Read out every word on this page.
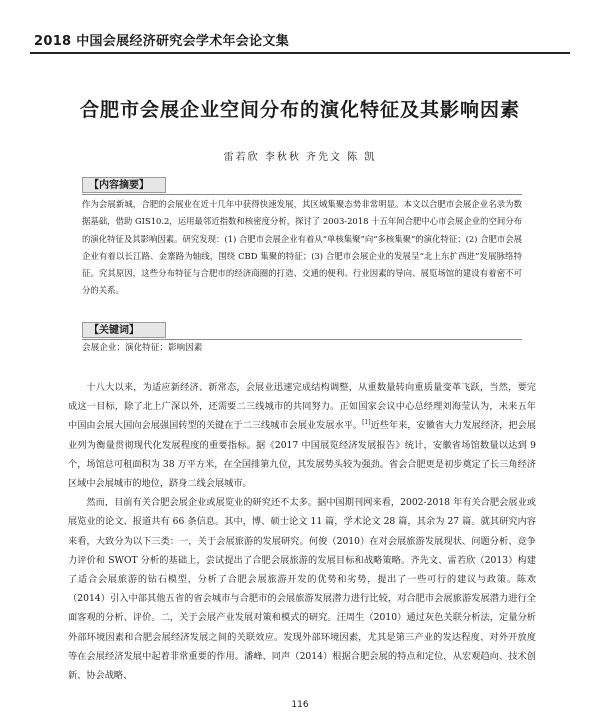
2018 中国会展经济研究会学术年会论文集
合肥市会展企业空间分布的演化特征及其影响因素
雷若欣 李秋秋 齐先文 陈 凯
【内容摘要】
作为会展新城，合肥的会展业在近十几年中获得快速发展，其区域集聚态势非常明显。本文以合肥市会展企业名录为数据基础，借助 GIS10.2，运用最邻近指数和核密度分析，探讨了 2003-2018 十五年间合肥中心市会展企业的空间分布的演化特征及其影响因素。研究发现：(1) 合肥市会展企业有着从“单核集聚”向“多核集聚”的演化特征；(2) 合肥市会展企业有着以长江路、金寨路为轴线，围绕 CBD 集聚的特征；(3) 合肥市会展企业的发展呈“北上东扩西进”发展脉络特征。究其原因，这些分布特征与合肥市的经济商圈的打造、交通的便利、行业因素的导向、展览场馆的建设有着密不可分的关系。
【关键词】
会展企业；演化特征；影响因素

十八大以来，为适应新经济、新常态，会展业迅速完成结构调整，从重数量转向重质量变革飞跃，当然，要完成这一目标，除了北上广深以外，还需要二三线城市的共同努力。正如国家会议中心总经理刘海莹认为，未来五年中国由会展大国向会展强国转型的关键在于二三线城市会展业发展水平。[1]近些年来，安徽省大力发展经济，把会展业列为衡量贯彻现代化发展程度的重要指标。据《2017 中国展览经济发展报告》统计，安徽省场馆数量以达到 9 个，场馆总可租面积为 38 万平方米，在全国排第九位，其发展势头较为强劲。省会合肥更是初步奠定了长三角经济区域中会展城市的地位，跻身二线会展城市。

然而，目前有关合肥会展企业或展览业的研究还不太多。据中国期刊网来看，2002-2018 年有关合肥会展业或展览业的论文、报道共有 66 条信息。其中，博、硕士论文 11 篇，学术论文 28 篇，其余为 27 篇。就其研究内容来看，大致分为以下三类：一，关于会展旅游的发展研究。何俊（2010）在对会展旅游发展现状、问题分析、竞争力评价和 SWOT 分析的基础上，尝试提出了合肥会展旅游的发展目标和战略策略。齐先文、雷若欣（2013）构建了适合会展旅游的钻石模型，分析了合肥会展旅游开发的优势和劣势，提出了一些可行的建议与政策。陈欢（2014）引入中部其他五省的省会城市与合肥市的会展旅游发展潜力进行比较，对合肥市会展旅游发展潜力进行全面客观的分析、评价。二，关于会展产业发展对策和模式的研究。汪周生（2010）通过灰色关联分析法，定量分析外部环境因素和合肥会展经济发展之间的关联效应。发现外部环境因素，尤其是第三产业的发达程度、对外开放度等在会展经济发展中起着非常重要的作用。潘峰、同声（2014）根据合肥会展的特点和定位，从宏观趋向、技术创新、协会战略、

116
